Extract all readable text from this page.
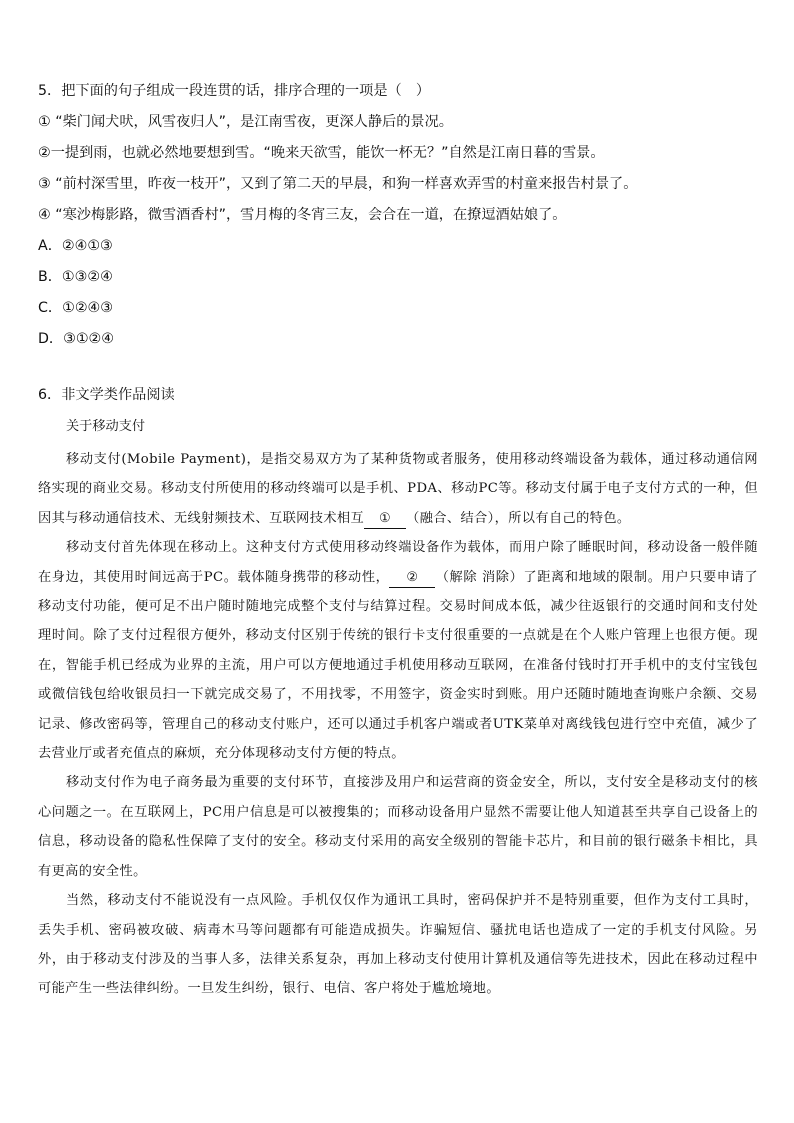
5．把下面的句子组成一段连贯的话，排序合理的一项是（　）
① “柴门闻犬吠，风雪夜归人”，是江南雪夜，更深人静后的景况。
②一提到雨，也就必然地要想到雪。“晚来天欲雪，能饮一杯无？”自然是江南日暮的雪景。
③ “前村深雪里，昨夜一枝开”，又到了第二天的早晨，和狗一样喜欢弄雪的村童来报告村景了。
④ “寒沙梅影路，微雪酒香村”，雪月梅的冬宵三友，会合在一道，在撩逗酒姑娘了。
A．②④①③
B．①③②④
C．①②④③
D．③①②④
6．非文学类作品阅读
关于移动支付

移动支付(Mobile Payment)，是指交易双方为了某种货物或者服务，使用移动终端设备为载体，通过移动通信网络实现的商业交易。移动支付所使用的移动终端可以是手机、PDA、移动PC等。移动支付属于电子支付方式的一种，但因其与移动通信技术、无线射频技术、互联网技术相互 ① （融合、结合），所以有自己的特色。

移动支付首先体现在移动上。这种支付方式使用移动终端设备作为载体，而用户除了睡眠时间，移动设备一般伴随在身边，其使用时间远高于PC。载体随身携带的移动性， ② （解除 消除）了距离和地域的限制。用户只要申请了移动支付功能，便可足不出户随时随地完成整个支付与结算过程。交易时间成本低，减少往返银行的交通时间和支付处理时间。除了支付过程很方便外，移动支付区别于传统的银行卡支付很重要的一点就是在个人账户管理上也很方便。现在，智能手机已经成为业界的主流，用户可以方便地通过手机使用移动互联网，在准备付钱时打开手机中的支付宝钱包或微信钱包给收银员扫一下就完成交易了，不用找零，不用签字，资金实时到账。用户还随时随地查询账户余额、交易记录、修改密码等，管理自己的移动支付账户，还可以通过手机客户端或者UTK菜单对离线钱包进行空中充值，减少了去营业厅或者充值点的麻烦，充分体现移动支付方便的特点。

移动支付作为电子商务最为重要的支付环节，直接涉及用户和运营商的资金安全，所以，支付安全是移动支付的核心问题之一。在互联网上，PC用户信息是可以被搜集的；而移动设备用户显然不需要让他人知道甚至共享自己设备上的信息，移动设备的隐私性保障了支付的安全。移动支付采用的高安全级别的智能卡芯片，和目前的银行磁条卡相比，具有更高的安全性。

当然，移动支付不能说没有一点风险。手机仅仅作为通讯工具时，密码保护并不是特别重要，但作为支付工具时，丢失手机、密码被攻破、病毒木马等问题都有可能造成损失。诈骗短信、骚扰电话也造成了一定的手机支付风险。另外，由于移动支付涉及的当事人多，法律关系复杂，再加上移动支付使用计算机及通信等先进技术，因此在移动过程中可能产生一些法律纠纷。一旦发生纠纷，银行、电信、客户将处于尴尬境地。
